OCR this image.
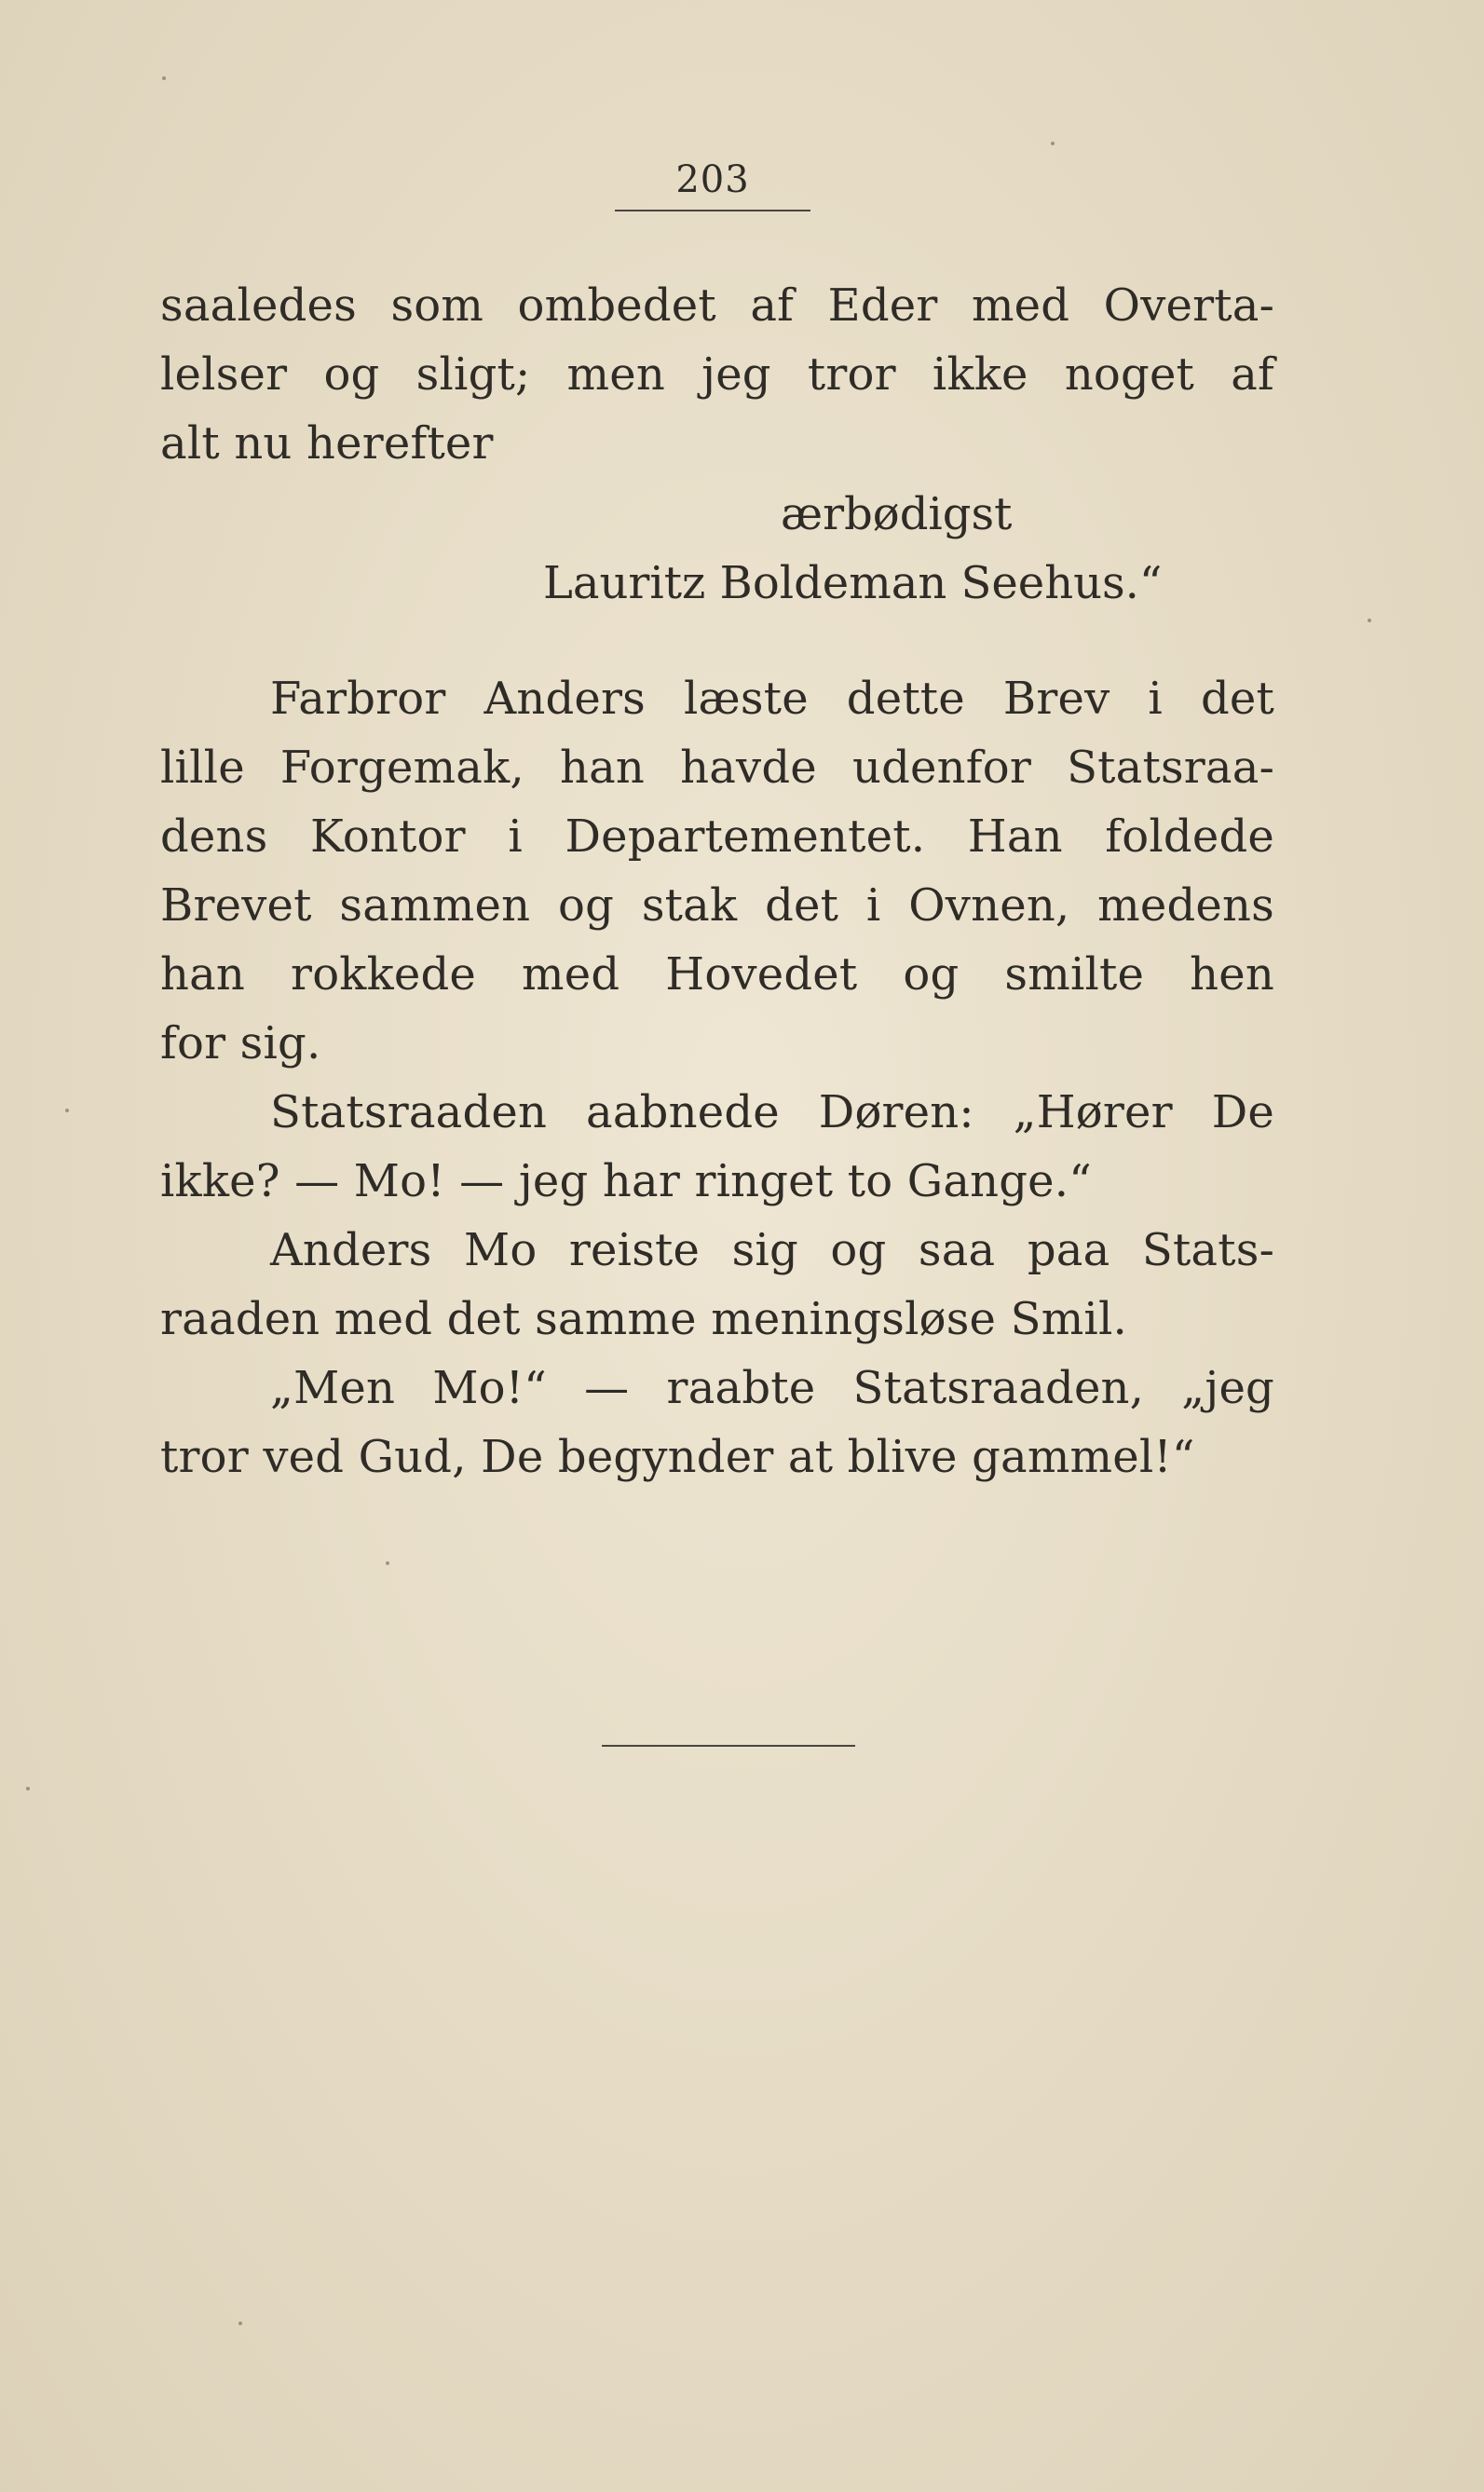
203
saaledes som ombedet af Eder med Overta-
lelser og sligt; men jeg tror ikke noget af
alt nu herefter
ærbødigst
Lauritz Boldeman Seehus.“
Farbror Anders læste dette Brev i det
lille Forgemak, han havde udenfor Statsraa-
dens Kontor i Departementet. Han foldede
Brevet sammen og stak det i Ovnen, medens
han rokkede med Hovedet og smilte hen
for sig.
Statsraaden aabnede Døren: „Hører De
ikke? — Mo! — jeg har ringet to Gange.“
Anders Mo reiste sig og saa paa Stats-
raaden med det samme meningsløse Smil.
„Men Mo!“ — raabte Statsraaden, „jeg
tror ved Gud, De begynder at blive gammel!“
